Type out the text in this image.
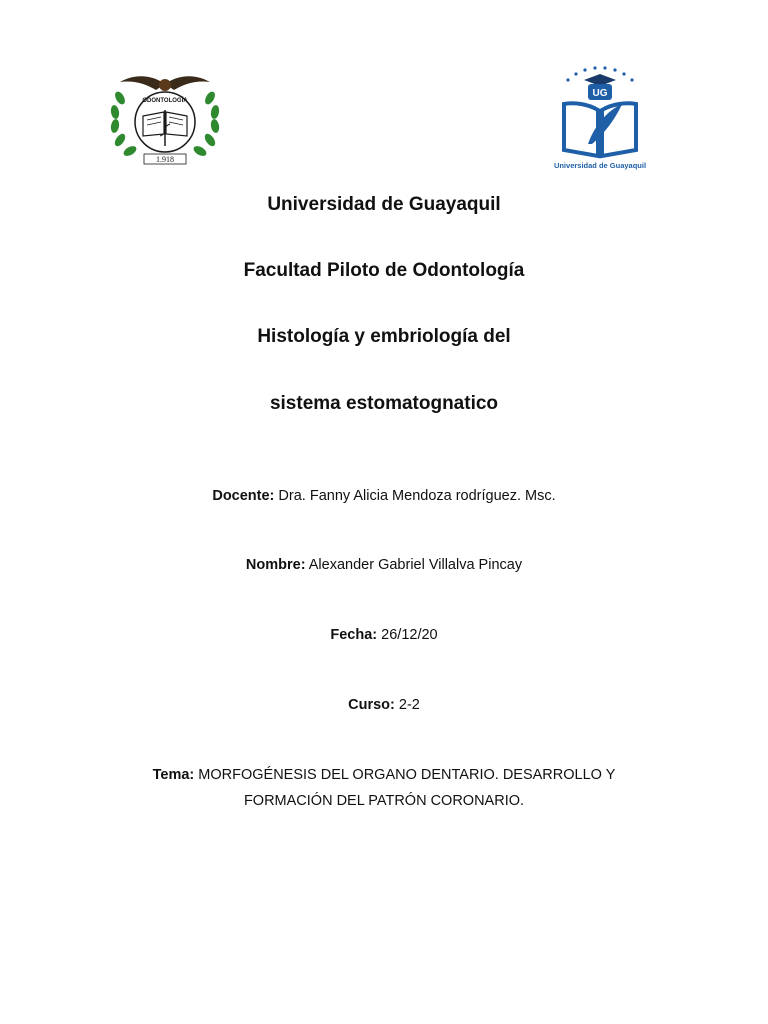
ODONTOLOGÍA
1.918
UG
Universidad de Guayaquil
Universidad de Guayaquil
Facultad Piloto de Odontología
Histología y embriología del
sistema estomatognatico

Docente: Dra. Fanny Alicia Mendoza rodríguez. Msc.

Nombre: Alexander Gabriel Villalva Pincay

Fecha: 26/12/20

Curso: 2-2

Tema: MORFOGÉNESIS DEL ORGANO DENTARIO. DESARROLLO Y
FORMACIÓN DEL PATRÓN CORONARIO.
